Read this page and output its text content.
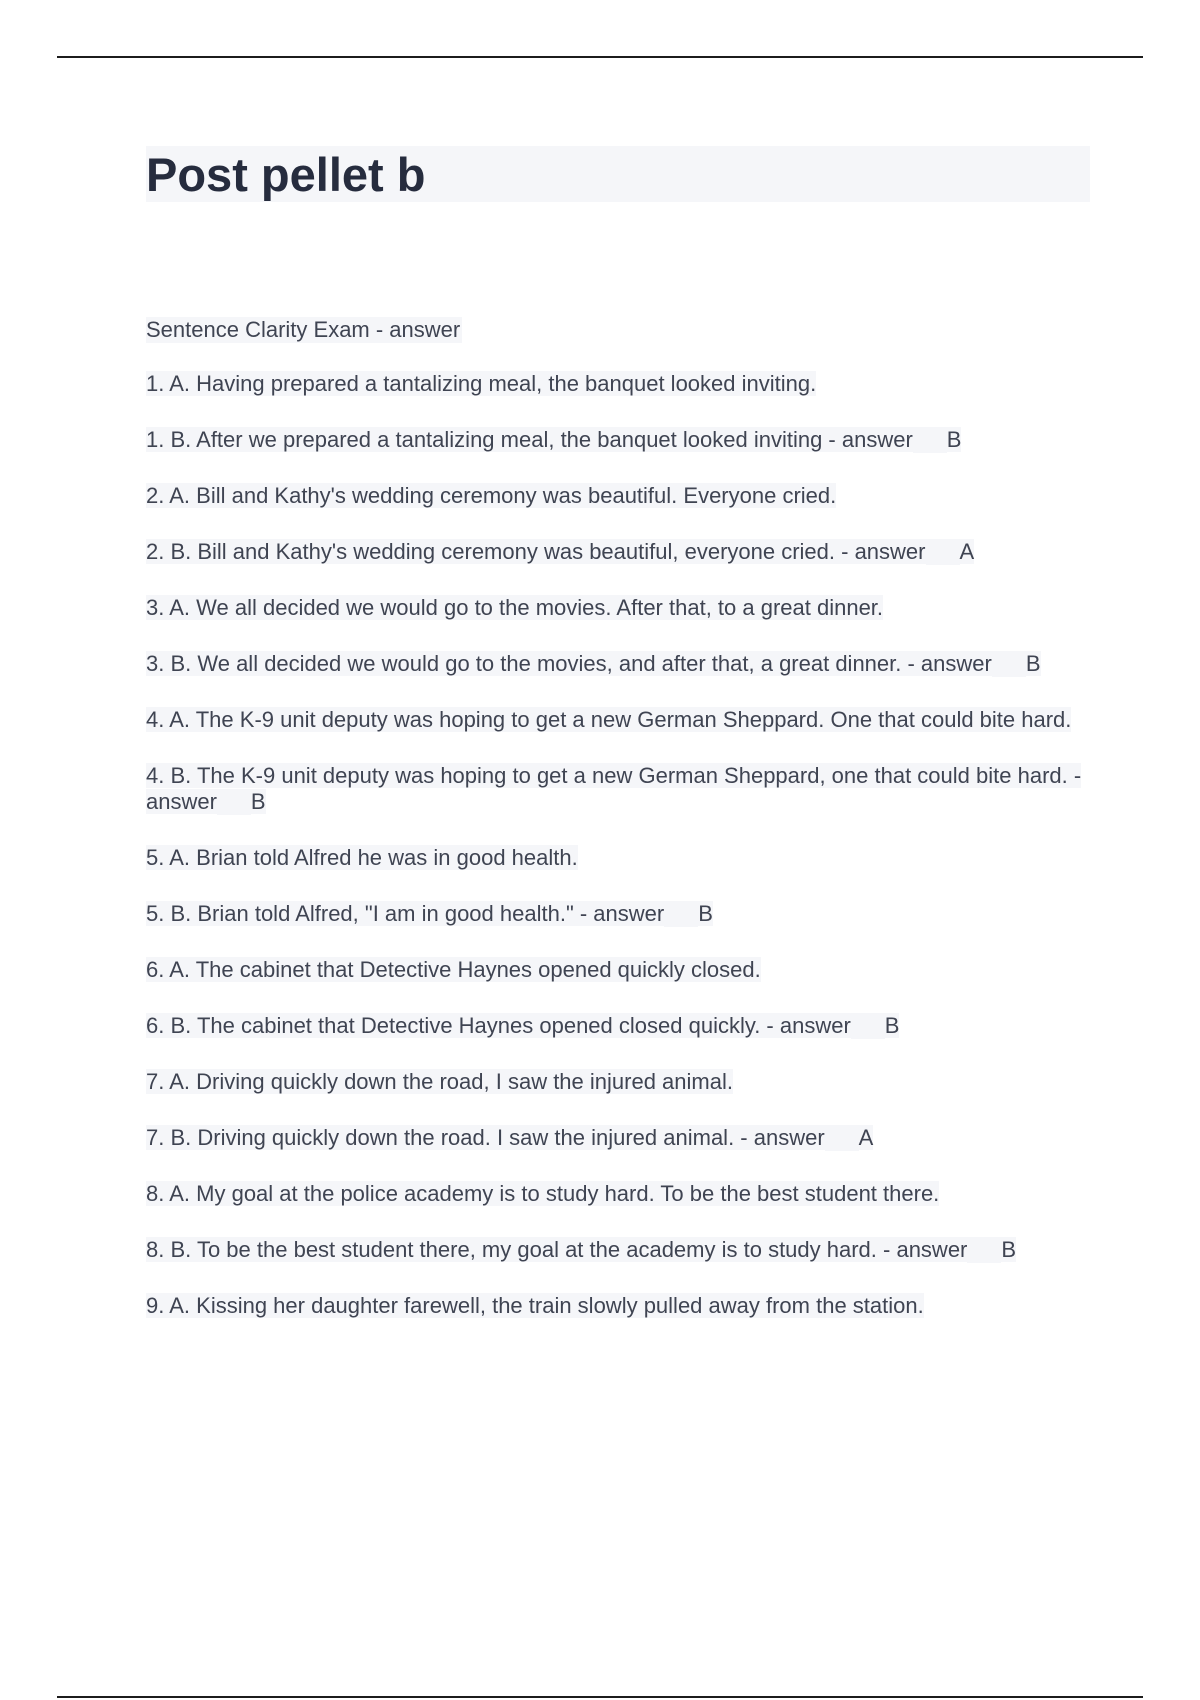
Post pellet b
Sentence Clarity Exam - answer
1. A. Having prepared a tantalizing meal, the banquet looked inviting.
1. B. After we prepared a tantalizing meal, the banquet looked inviting - answer B
2. A. Bill and Kathy's wedding ceremony was beautiful. Everyone cried.
2. B. Bill and Kathy's wedding ceremony was beautiful, everyone cried. - answer A
3. A. We all decided we would go to the movies. After that, to a great dinner.
3. B. We all decided we would go to the movies, and after that, a great dinner. - answer B
4. A. The K-9 unit deputy was hoping to get a new German Sheppard. One that could bite hard.
4. B. The K-9 unit deputy was hoping to get a new German Sheppard, one that could bite hard. - answer B
5. A. Brian told Alfred he was in good health.
5. B. Brian told Alfred, "I am in good health." - answer B
6. A. The cabinet that Detective Haynes opened quickly closed.
6. B. The cabinet that Detective Haynes opened closed quickly. - answer B
7. A. Driving quickly down the road, I saw the injured animal.
7. B. Driving quickly down the road. I saw the injured animal. - answer A
8. A. My goal at the police academy is to study hard. To be the best student there.
8. B. To be the best student there, my goal at the academy is to study hard. - answer B
9. A. Kissing her daughter farewell, the train slowly pulled away from the station.
